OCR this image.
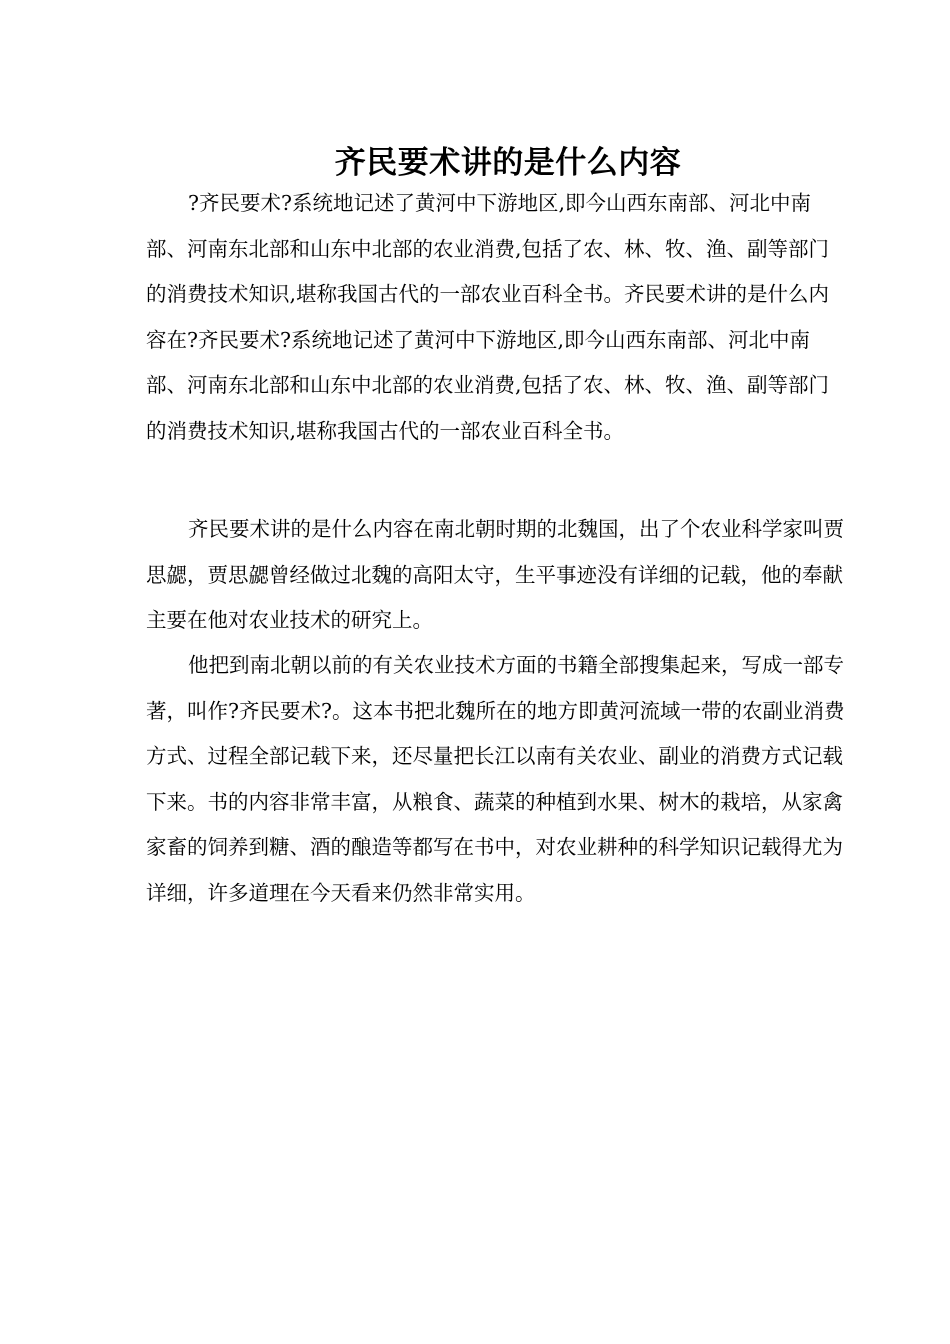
齐民要术讲的是什么内容

?齐民要术?系统地记述了黄河中下游地区,即今山西东南部、河北中南部、河南东北部和山东中北部的农业消费,包括了农、林、牧、渔、副等部门的消费技术知识,堪称我国古代的一部农业百科全书。齐民要术讲的是什么内容在?齐民要术?系统地记述了黄河中下游地区,即今山西东南部、河北中南部、河南东北部和山东中北部的农业消费,包括了农、林、牧、渔、副等部门的消费技术知识,堪称我国古代的一部农业百科全书。

齐民要术讲的是什么内容在南北朝时期的北魏国，出了个农业科学家叫贾思勰，贾思勰曾经做过北魏的高阳太守，生平事迹没有详细的记载，他的奉献主要在他对农业技术的研究上。

他把到南北朝以前的有关农业技术方面的书籍全部搜集起来，写成一部专著，叫作?齐民要术?。这本书把北魏所在的地方即黄河流域一带的农副业消费方式、过程全部记载下来，还尽量把长江以南有关农业、副业的消费方式记载下来。书的内容非常丰富，从粮食、蔬菜的种植到水果、树木的栽培，从家禽家畜的饲养到糖、酒的酿造等都写在书中，对农业耕种的科学知识记载得尤为详细，许多道理在今天看来仍然非常实用。
